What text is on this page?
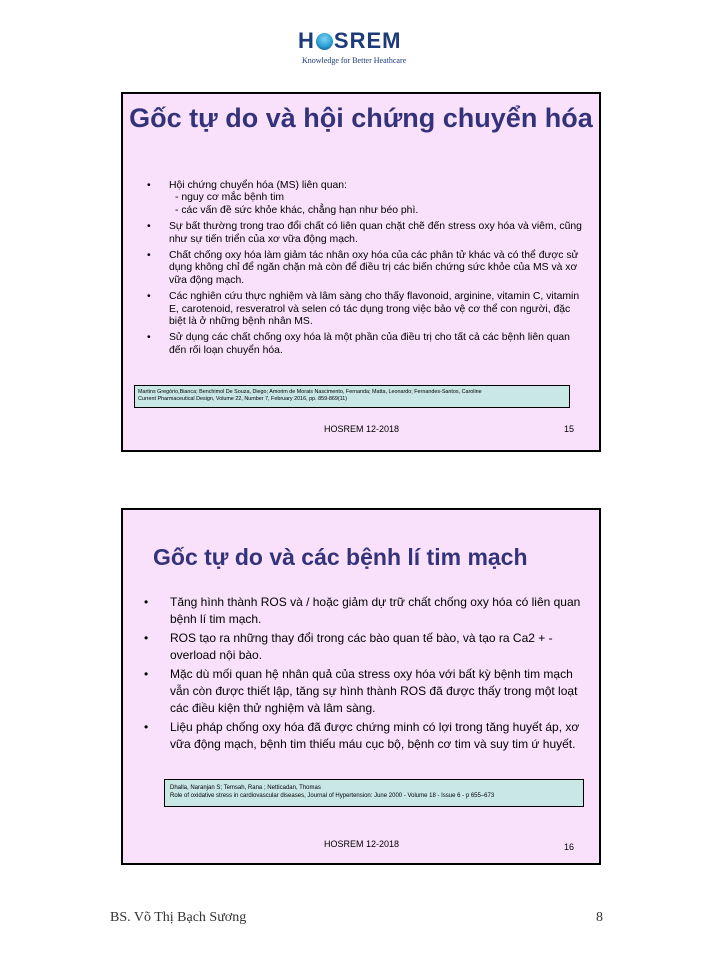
H SREM
Knowledge for Better Heathcare
Gốc tự do và hội chứng chuyển hóa
• Hội chứng chuyển hóa (MS) liên quan:
- nguy cơ mắc bệnh tim
- các vấn đề sức khỏe khác, chẳng hạn như béo phì.
• Sự bất thường trong trao đổi chất có liên quan chặt chẽ đến stress oxy hóa và viêm, cũng như sự tiến triển của xơ vữa động mạch.
• Chất chống oxy hóa làm giảm tác nhân oxy hóa của các phân tử khác và có thể được sử dụng không chỉ để ngăn chặn mà còn để điều trị các biến chứng sức khỏe của MS và xơ vữa động mạch.
• Các nghiên cứu thực nghiệm và lâm sàng cho thấy flavonoid, arginine, vitamin C, vitamin E, carotenoid, resveratrol và selen có tác dụng trong việc bảo vệ cơ thể con người, đặc biệt là ở những bệnh nhân MS.
• Sử dụng các chất chống oxy hóa là một phần của điều trị cho tất cả các bệnh liên quan đến rối loạn chuyển hóa.
Martins Gregório,Bianca; Benchimol De Souza, Diego; Amorim de Morais Nascimento, Fernanda; Matta, Leonardo; Fernandes-Santos, Caroline
Current Pharmaceutical Design, Volume 22, Number 7, February 2016, pp. 859-869(11)
HOSREM 12-2018	15
Gốc tự do và các bệnh lí tim mạch
• Tăng hình thành ROS và / hoặc giảm dự trữ chất chống oxy hóa có liên quan bệnh lí tim mạch.
• ROS tạo ra những thay đổi trong các bào quan tế bào, và tạo ra Ca2 + -overload nội bào.
• Mặc dù mối quan hệ nhân quả của stress oxy hóa với bất kỳ bệnh tim mạch vẫn còn được thiết lập, tăng sự hình thành ROS đã được thấy trong một loạt các điều kiện thử nghiệm và lâm sàng.
• Liệu pháp chống oxy hóa đã được chứng minh có lợi trong tăng huyết áp, xơ vữa động mạch, bệnh tim thiếu máu cục bộ, bệnh cơ tim và suy tim ứ huyết.
Dhalla, Naranjan S; Temsah, Rana ; Netticadan, Thomas
Role of oxidative stress in cardiovascular diseases, Journal of Hypertension: June 2000 - Volume 18 - Issue 6 - p 655–673
HOSREM 12-2018	16
BS. Võ Thị Bạch Sương	8
